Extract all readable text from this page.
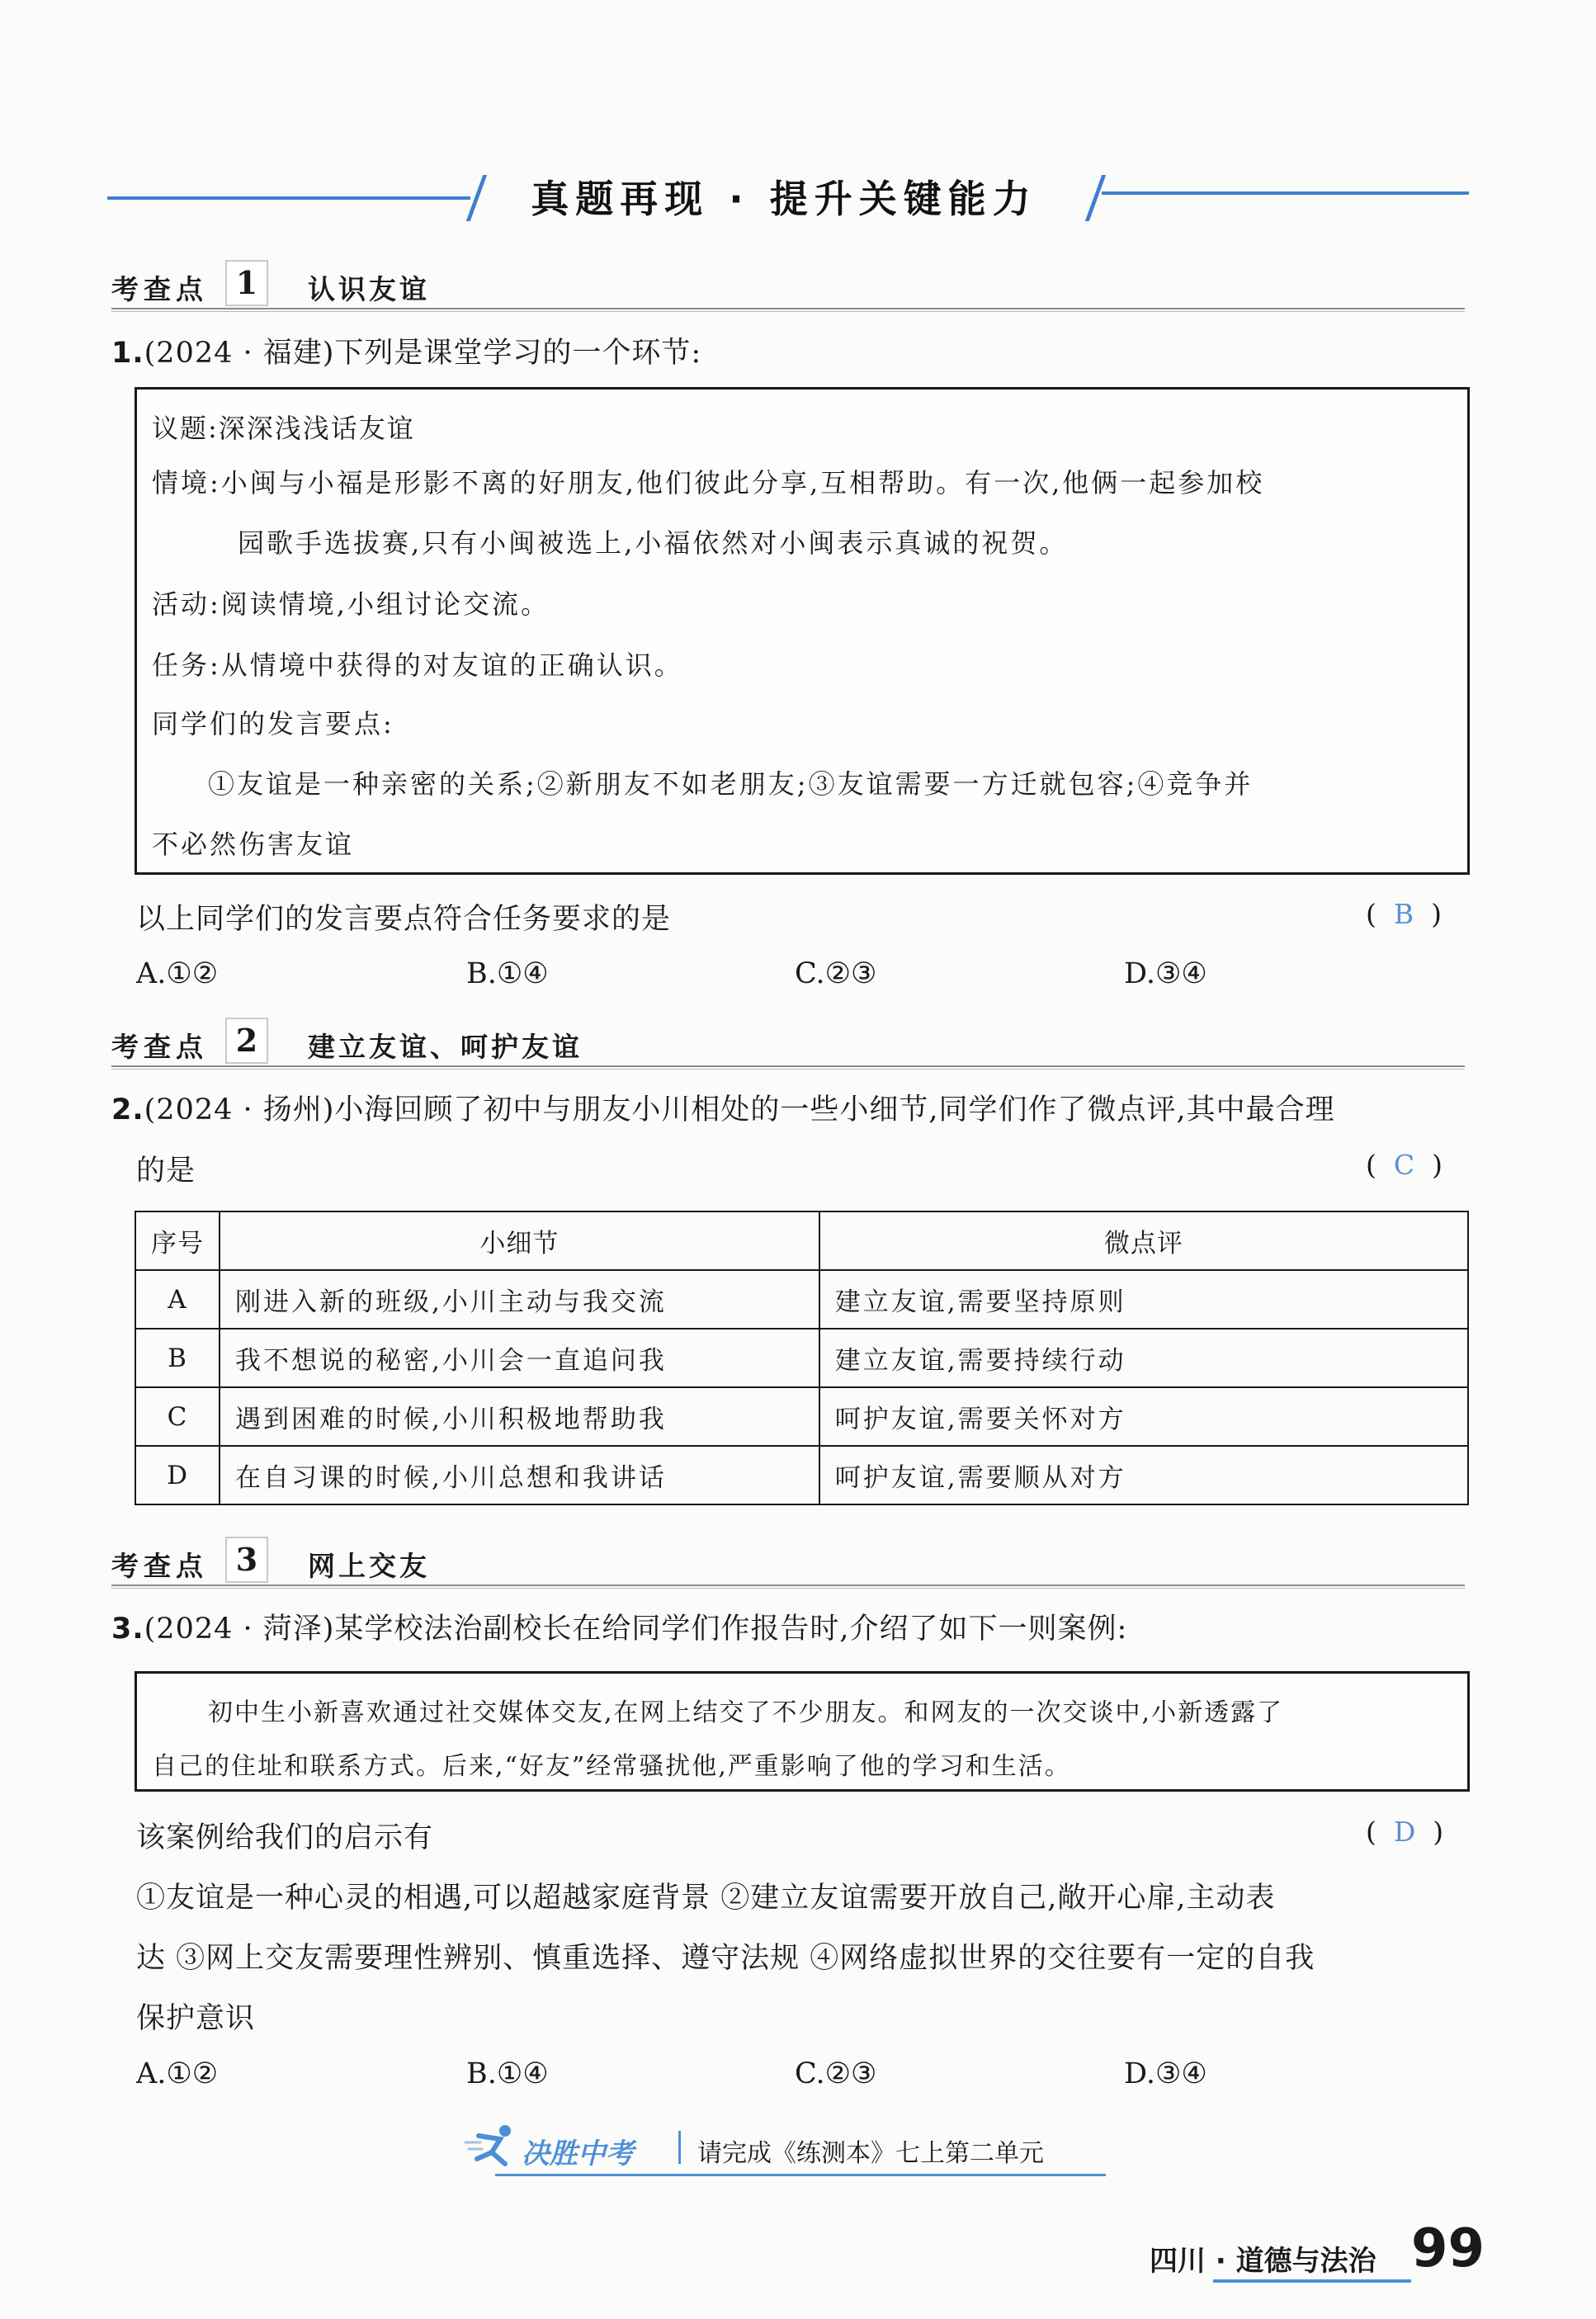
真题再现 · 提升关键能力
考查点 1	认识友谊
1.(2024 · 福建)下列是课堂学习的一个环节:
议题:深深浅浅话友谊
情境:小闽与小福是形影不离的好朋友,他们彼此分享,互相帮助。有一次,他俩一起参加校
园歌手选拔赛,只有小闽被选上,小福依然对小闽表示真诚的祝贺。
活动:阅读情境,小组讨论交流。
任务:从情境中获得的对友谊的正确认识。
同学们的发言要点:
①友谊是一种亲密的关系;②新朋友不如老朋友;③友谊需要一方迁就包容;④竞争并
不必然伤害友谊
以上同学们的发言要点符合任务要求的是	(  B  )
A.①②	B.①④	C.②③	D.③④
考查点 2	建立友谊、呵护友谊
2.(2024 · 扬州)小海回顾了初中与朋友小川相处的一些小细节,同学们作了微点评,其中最合理
的是	(  C  )
序号	小细节	微点评
A	刚进入新的班级,小川主动与我交流	建立友谊,需要坚持原则
B	我不想说的秘密,小川会一直追问我	建立友谊,需要持续行动
C	遇到困难的时候,小川积极地帮助我	呵护友谊,需要关怀对方
D	在自习课的时候,小川总想和我讲话	呵护友谊,需要顺从对方
考查点 3	网上交友
3.(2024 · 菏泽)某学校法治副校长在给同学们作报告时,介绍了如下一则案例:
初中生小新喜欢通过社交媒体交友,在网上结交了不少朋友。和网友的一次交谈中,小新透露了
自己的住址和联系方式。后来,“好友”经常骚扰他,严重影响了他的学习和生活。
该案例给我们的启示有	(  D  )
①友谊是一种心灵的相遇,可以超越家庭背景 ②建立友谊需要开放自己,敞开心扉,主动表
达 ③网上交友需要理性辨别、慎重选择、遵守法规 ④网络虚拟世界的交往要有一定的自我
保护意识
A.①②	B.①④	C.②③	D.③④
决胜中考	请完成《练测本》七上第二单元
四川 · 道德与法治 99
